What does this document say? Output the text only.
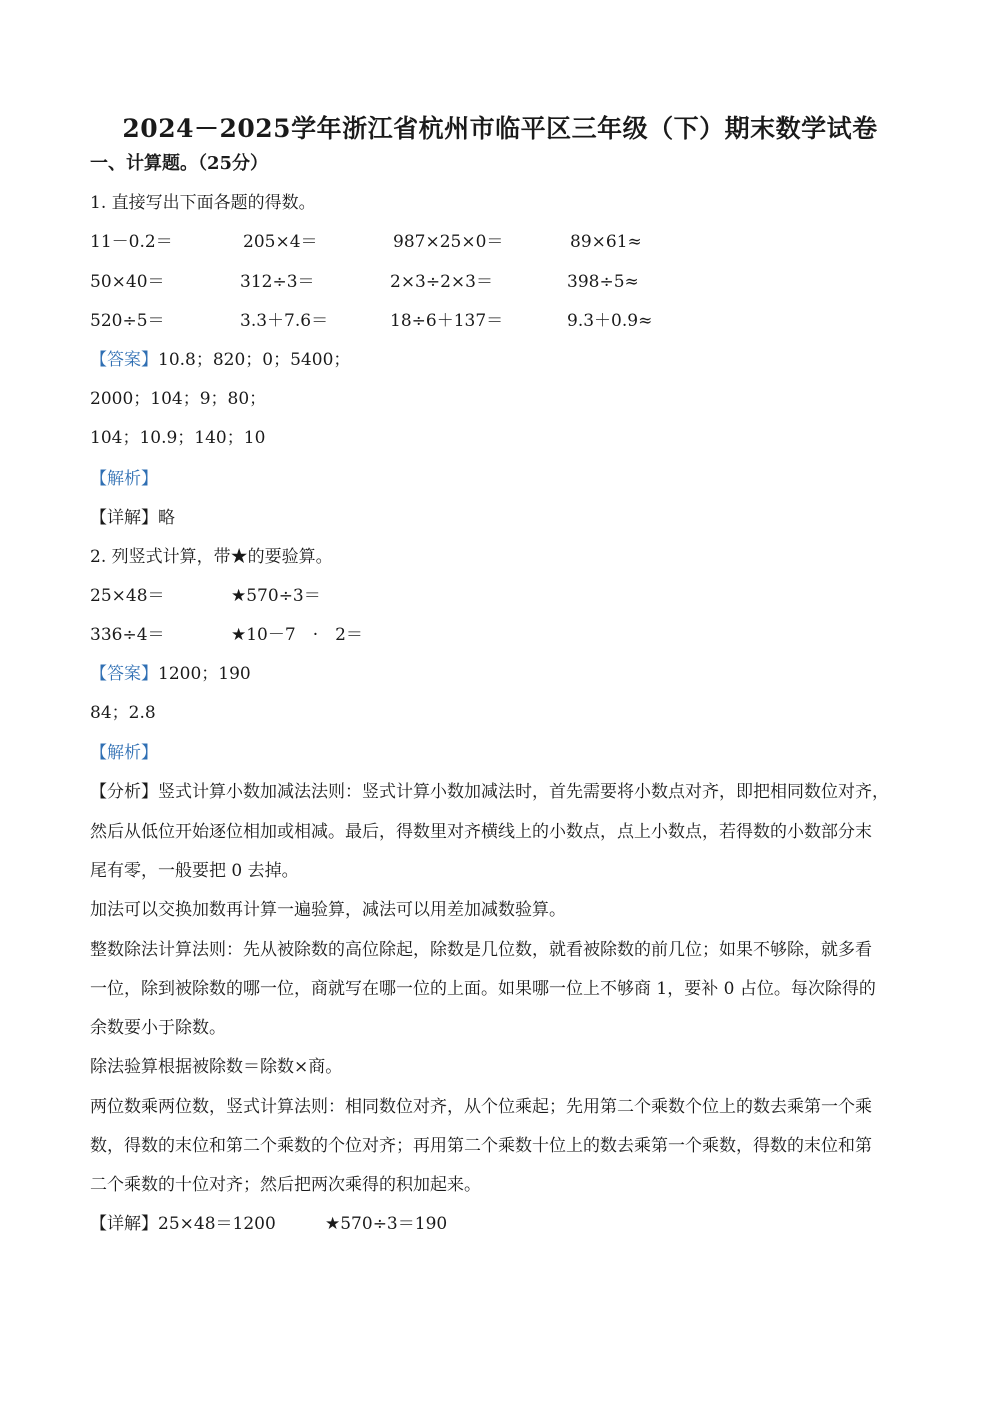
2024－2025学年浙江省杭州市临平区三年级（下）期末数学试卷
一、计算题。（25分）
1. 直接写出下面各题的得数。
11－0.2＝	205×4＝	987×25×0＝	89×61≈
50×40＝	312÷3＝	2×3÷2×3＝	398÷5≈
520÷5＝	3.3＋7.6＝	18÷6＋137＝	9.3＋0.9≈
【答案】10.8；820；0；5400；
2000；104；9；80；
104；10.9；140；10
【解析】
【详解】略
2. 列竖式计算，带★的要验算。
25×48＝	★570÷3＝
336÷4＝	★10－7　·　2＝
【答案】1200；190
84；2.8
【解析】
【分析】竖式计算小数加减法法则：竖式计算小数加减法时，首先需要将小数点对齐，即把相同数位对齐，
然后从低位开始逐位相加或相减。最后，得数里对齐横线上的小数点，点上小数点，若得数的小数部分末
尾有零，一般要把 0 去掉。
加法可以交换加数再计算一遍验算，减法可以用差加减数验算。
整数除法计算法则：先从被除数的高位除起，除数是几位数，就看被除数的前几位；如果不够除，就多看
一位，除到被除数的哪一位，商就写在哪一位的上面。如果哪一位上不够商 1，要补 0 占位。每次除得的
余数要小于除数。
除法验算根据被除数＝除数×商。
两位数乘两位数，竖式计算法则：相同数位对齐，从个位乘起；先用第二个乘数个位上的数去乘第一个乘
数，得数的末位和第二个乘数的个位对齐；再用第二个乘数十位上的数去乘第一个乘数，得数的末位和第
二个乘数的十位对齐；然后把两次乘得的积加起来。
【详解】25×48＝1200	★570÷3＝190
